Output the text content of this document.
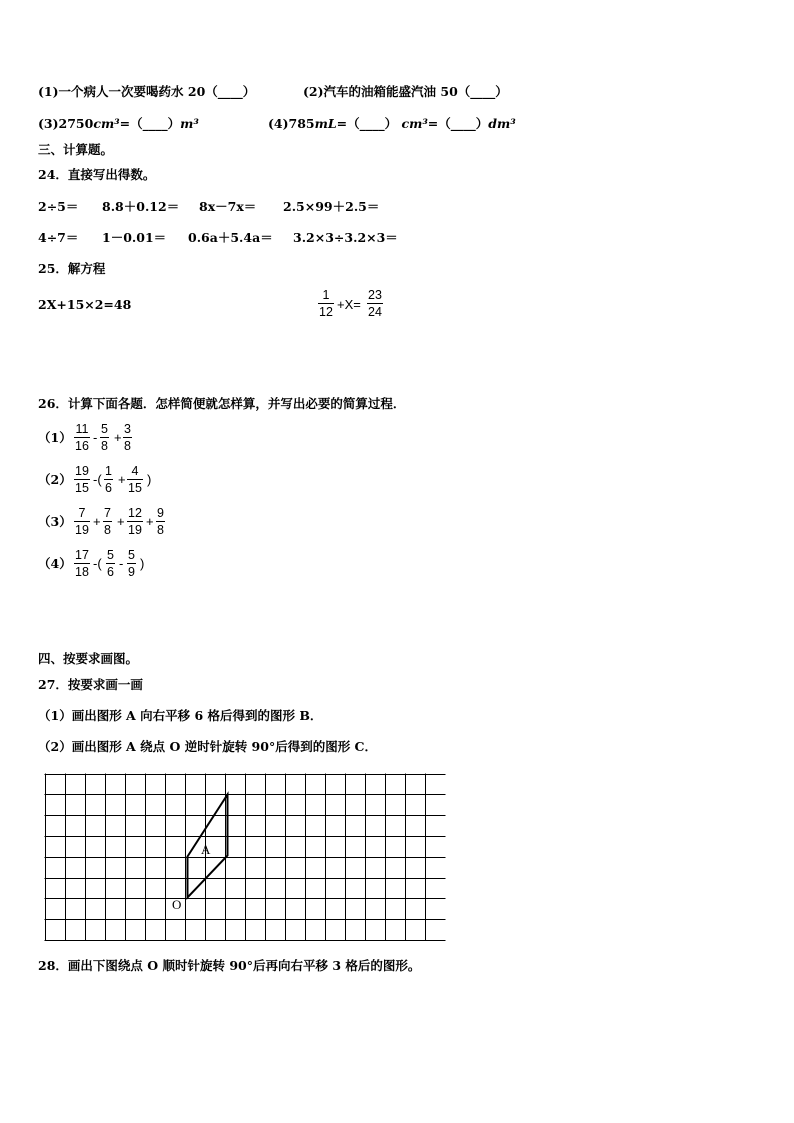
(1)一个病人一次要喝药水 20（____）	(2)汽车的油箱能盛汽油 50（____）
(3)2750cm³=（____）m³	(4)785mL=（____） cm³=（____）dm³
三、计算题。
24．直接写出得数。
2÷5＝ 8.8＋0.12＝ 8x－7x＝ 2.5×99＋2.5＝
4÷7＝ 1－0.01＝ 0.6a＋5.4a＝ 3.2×3÷3.2×3＝
25．解方程
2X+15×2=48
1
12 +X=
23
24
26．计算下面各题．怎样简便就怎样算，并写出必要的简算过程．
（1）
11
16
-
5
8
+
3
8
（2）
19
15
-(
1
6
+
4
15
)
（3）
7
19
+
7
8
+
12
19
+
9
8
（4）
17
18
-(
5
6
-
5
9
)
四、按要求画图。
27．按要求画一画
（1）画出图形 A 向右平移 6 格后得到的图形 B．
（2）画出图形 A 绕点 O 逆时针旋转 90°后得到的图形 C．
A
O
28．画出下图绕点 O 顺时针旋转 90°后再向右平移 3 格后的图形。
